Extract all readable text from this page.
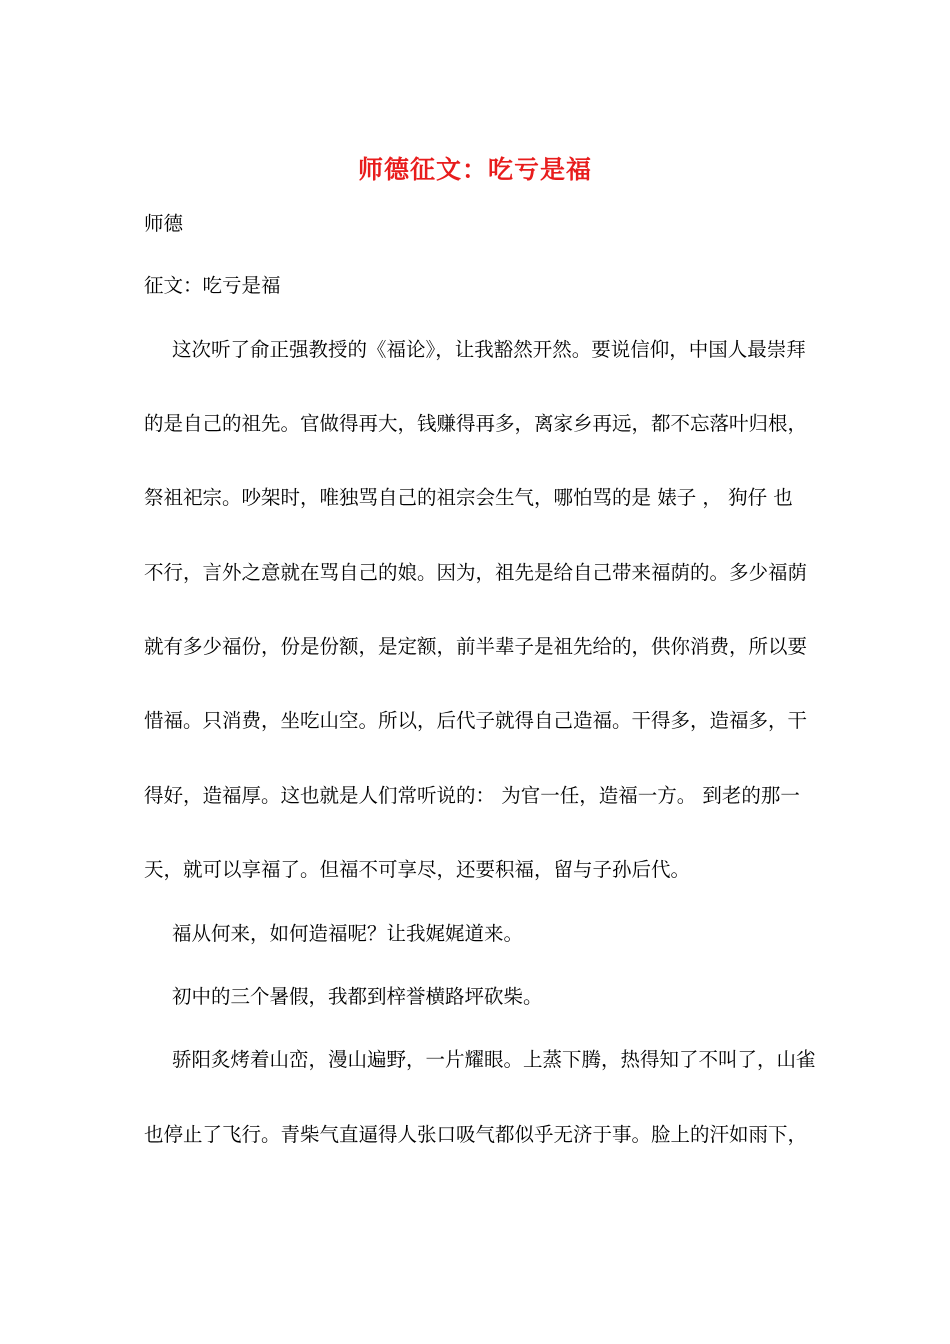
师德征文：吃亏是福
师德
征文：吃亏是福
这次听了俞正强教授的《福论》，让我豁然开然。要说信仰，中国人最崇拜
的是自己的祖先。官做得再大，钱赚得再多，离家乡再远，都不忘落叶归根，
祭祖祀宗。吵架时，唯独骂自己的祖宗会生气，哪怕骂的是 婊子 ， 狗仔 也
不行，言外之意就在骂自己的娘。因为，祖先是给自己带来福荫的。多少福荫
就有多少福份，份是份额，是定额，前半辈子是祖先给的，供你消费，所以要
惜福。只消费，坐吃山空。所以，后代子就得自己造福。干得多，造福多，干
得好，造福厚。这也就是人们常听说的： 为官一任，造福一方。 到老的那一
天，就可以享福了。但福不可享尽，还要积福，留与子孙后代。
福从何来，如何造福呢？让我娓娓道来。
初中的三个暑假，我都到梓誉横路坪砍柴。
骄阳炙烤着山峦，漫山遍野，一片耀眼。上蒸下腾，热得知了不叫了，山雀
也停止了飞行。青柴气直逼得人张口吸气都似乎无济于事。脸上的汗如雨下，
